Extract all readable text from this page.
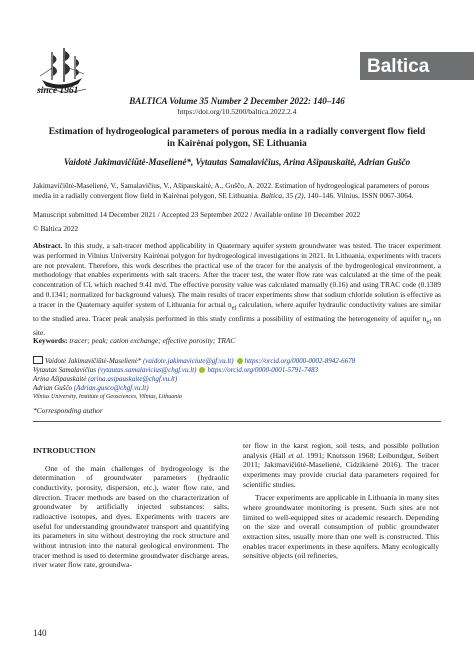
since 1961
Baltica
BALTICA Volume 35 Number 2 December 2022: 140–146
https://doi.org/10.5200/baltica.2022.2.4
Estimation of hydrogeological parameters of porous media in a radially convergent flow field
in Kairėnai polygon, SE Lithuania
Vaidotė Jakimavičiūtė-Maselienė*, Vytautas Samalavičius, Arina Ašipauskaitė, Adrian Guščo
Jakimavičiūtė-Maselienė, V., Samalavičius, V., Ašipauskaitė, A., Guščo, A. 2022. Estimation of hydrogeological parameters of porous media in a radially convergent flow field in Kairėnai polygon, SE Lithuania. Baltica, 35 (2), 140–146. Vilnius. ISSN 0067-3064.
Manuscript submitted 14 December 2021 / Accepted 23 September 2022 / Available online 10 December 2022
© Baltica 2022
Abstract. In this study, a salt-tracer method applicability in Quaternary aquifer system groundwater was tested. The tracer experiment was performed in Vilnius University Kairėnai polygon for hydrogeological investigations in 2021. In Lithuania, experiments with tracers are not prevalent. Therefore, this work describes the practical use of the tracer for the analysis of the hydrogeological environment, a methodology that enables experiments with salt tracers. After the tracer test, the water flow rate was calculated at the time of the peak concentration of Cl, which reached 9.41 m/d. The effective porosity value was calculated manually (0.16) and using TRAC code (0.1389 and 0.1341; normalized for background values). The main results of tracer experiments show that sodium chloride solution is effective as a tracer in the Quaternary aquifer system of Lithuania for actual $n_{ef}$ calculation, where aquifer hydraulic conductivity values are similar to the studied area. Tracer peak analysis performed in this study confirms a possibility of estimating the heterogeneity of aquifer $n_{ef}$ on site.
Keywords: tracer; peak; cation exchange; effective porosity; TRAC
Vaidotė Jakimavičiūtė-Maselienė* (vaidote.jakimaviciute@gf.vu.lt) https://orcid.org/0000-0002-8942-6678
Vytautas Samalavičius (vytautas.samalavicius@chgf.vu.lt) https://orcid.org/0000-0001-5791-7483
Arina Ašipauskaitė (arina.asipauskaite@chgf.vu.lt)
Adrian Guščo (Adrian.gusco@chgf.vu.lt)
Vilnius University, Institute of Geosciences, Vilnius, Lithuania
*Corresponding author
INTRODUCTION

One of the main challenges of hydrogeology is the determination of groundwater parameters (hydraulic conductivity, porosity, dispersion, etc.), water flow rate, and direction. Tracer methods are based on the characterization of groundwater by artificially injected substances: salts, radioactive isotopes, and dyes. Experiments with tracers are useful for understanding groundwater transport and quantifying its parameters in situ without destroying the rock structure and without intrusion into the natural geological environment. The tracer method is used to determine groundwater discharge areas, river water flow rate, groundwa-

ter flow in the karst region, soil tests, and possible pollution analysis (Hall et al. 1991; Knutsson 1968; Leibundgut, Seibert 2011; Jakimavičiūtė-Maselienė, Cidzikienė 2016). The tracer experiments may provide crucial data parameters required for scientific studies.

Tracer experiments are applicable in Lithuania in many sites where groundwater monitoring is present. Such sites are not limited to well-equipped sites or academic research. Depending on the size and overall consumption of public groundwater extraction sites, usually more than one well is constructed. This enables tracer experiments in these aquifers. Many ecologically sensitive objects (oil refineries,

140
